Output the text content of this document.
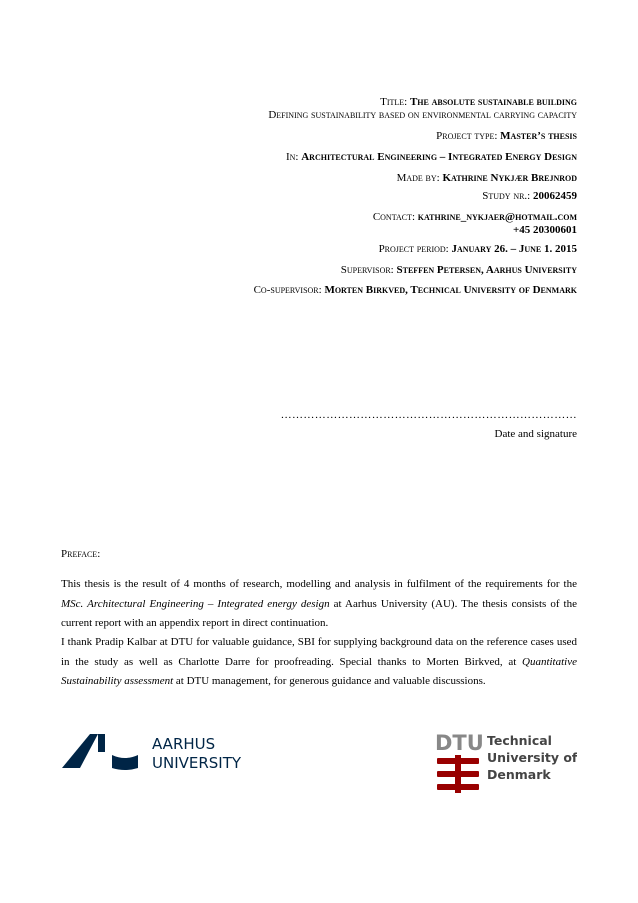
Title: The absolute sustainable building
Defining sustainability based on environmental carrying capacity
Project type: Master’s thesis
In: Architectural Engineering – Integrated Energy Design
Made by: Kathrine Nykjær Brejnrod
Study nr.: 20062459
Contact: kathrine_nykjaer@hotmail.com
+45 20300601
Project period: January 26. – June 1. 2015
Supervisor: Steffen Petersen, Aarhus University
Co-supervisor: Morten Birkved, Technical University of Denmark
……………………………………………………………………
Date and signature
Preface:

This thesis is the result of 4 months of research, modelling and analysis in fulfilment of the requirements for the MSc. Architectural Engineering – Integrated energy design at Aarhus University (AU). The thesis consists of the current report with an appendix report in direct continuation.

I thank Pradip Kalbar at DTU for valuable guidance, SBI for supplying background data on the reference cases used in the study as well as Charlotte Darre for proofreading. Special thanks to Morten Birkved, at Quantitative Sustainability assessment at DTU management, for generous guidance and valuable discussions.

AARHUS
UNIVERSITY
DTU Technical
University of
Denmark
